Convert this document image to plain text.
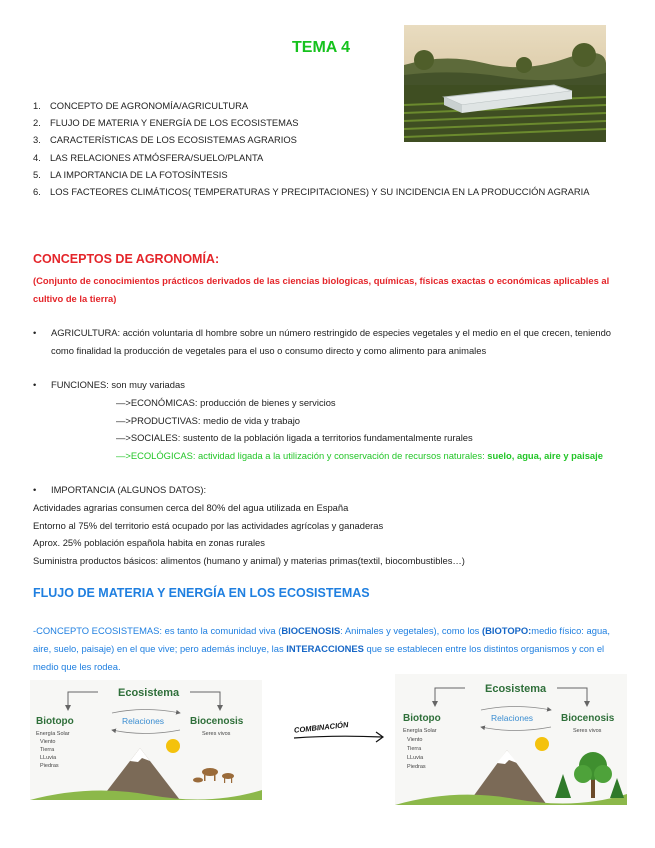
TEMA 4
1. CONCEPTO DE AGRONOMÍA/AGRICULTURA
2. FLUJO DE MATERIA Y ENERGÍA DE LOS ECOSISTEMAS
3. CARACTERÍSTICAS DE LOS ECOSISTEMAS AGRARIOS
4. LAS RELACIONES ATMÓSFERA/SUELO/PLANTA
5. LA IMPORTANCIA DE LA FOTOSÍNTESIS
6. LOS FACTEORES CLIMÁTICOS( TEMPERATURAS Y PRECIPITACIONES) Y SU INCIDENCIA EN LA PRODUCCIÓN AGRARIA
CONCEPTOS DE AGRONOMÍA:
(Conjunto de conocimientos prácticos derivados de las ciencias biologicas, químicas, físicas exactas o económicas aplicables al cultivo de la tierra)
•	AGRICULTURA: acción voluntaria dl hombre sobre un número restringido de especies vegetales y el medio en el que crecen, teniendo como finalidad la producción de vegetales para el uso o consumo directo y como alimento para animales
•	FUNCIONES: son muy variadas
—>ECONÓMICAS: producción de bienes y servicios
—>PRODUCTIVAS: medio de vida y trabajo
—>SOCIALES: sustento de la población ligada a territorios fundamentalmente rurales
—>ECOLÓGICAS: actividad ligada a la utilización y conservación de recursos naturales: suelo, agua, aire y paisaje
•	IMPORTANCIA (ALGUNOS DATOS):
Actividades agrarias consumen cerca del 80% del agua utilizada en España
Entorno al 75% del territorio está ocupado por las actividades agrícolas y ganaderas
Aprox. 25% población española habita en zonas rurales
Suministra productos básicos: alimentos (humano y animal) y materias primas(textil, biocombustibles…)
FLUJO DE MATERIA Y ENERGÍA EN LOS ECOSISTEMAS
-CONCEPTO ECOSISTEMAS: es tanto la comunidad viva (BIOCENOSIS: Animales y vegetales), como los (BIOTOPO:medio físico: agua, aire, suelo, paisaje) en el que vive; pero además incluye, las INTERACCIONES que se establecen entre los distintos organismos y con el medio que les rodea.
Ecosistema
Biotopo	Relaciones	Biocenosis
Energía Solar
Viento
Tierra
LLuvia
Piedras
Seres vivos	COMBINACIÓN
Ecosistema
Biotopo	Relaciones	Biocenosis
Energía Solar
Viento
Tierra
LLuvia
Piedras
Seres vivos
